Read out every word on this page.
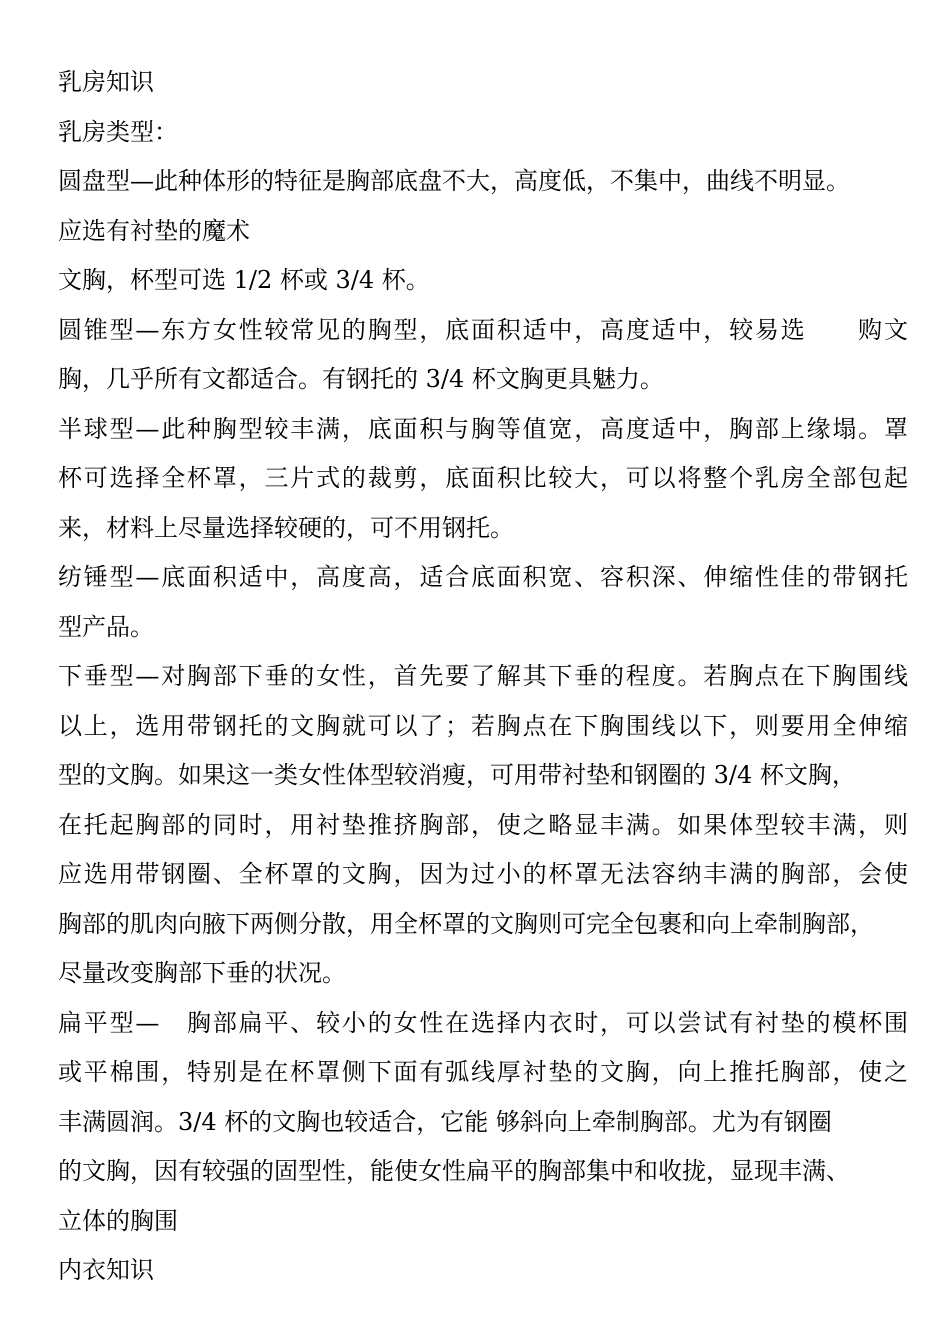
乳房知识
乳房类型：
圆盘型—此种体形的特征是胸部底盘不大，高度低，不集中，曲线不明显。
应选有衬垫的魔术
文胸，杯型可选 1/2 杯或 3/4 杯。
圆锥型—东方女性较常见的胸型，底面积适中，高度适中，较易选　　购文
胸，几乎所有文都适合。有钢托的 3/4 杯文胸更具魅力。
半球型—此种胸型较丰满，底面积与胸等值宽，高度适中，胸部上缘塌。罩
杯可选择全杯罩，三片式的裁剪，底面积比较大，可以将整个乳房全部包起
来，材料上尽量选择较硬的，可不用钢托。
纺锤型—底面积适中，高度高，适合底面积宽、容积深、伸缩性佳的带钢托
型产品。
下垂型—对胸部下垂的女性，首先要了解其下垂的程度。若胸点在下胸围线
以上，选用带钢托的文胸就可以了；若胸点在下胸围线以下，则要用全伸缩
型的文胸。如果这一类女性体型较消瘦，可用带衬垫和钢圈的 3/4 杯文胸，
在托起胸部的同时，用衬垫推挤胸部，使之略显丰满。如果体型较丰满，则
应选用带钢圈、全杯罩的文胸，因为过小的杯罩无法容纳丰满的胸部，会使
胸部的肌肉向腋下两侧分散，用全杯罩的文胸则可完全包裹和向上牵制胸部，
尽量改变胸部下垂的状况。
扁平型—　胸部扁平、较小的女性在选择内衣时，可以尝试有衬垫的模杯围
或平棉围，特别是在杯罩侧下面有弧线厚衬垫的文胸，向上推托胸部，使之
丰满圆润。3/4 杯的文胸也较适合，它能 够斜向上牵制胸部。尤为有钢圈
的文胸，因有较强的固型性，能使女性扁平的胸部集中和收拢，显现丰满、
立体的胸围
内衣知识
